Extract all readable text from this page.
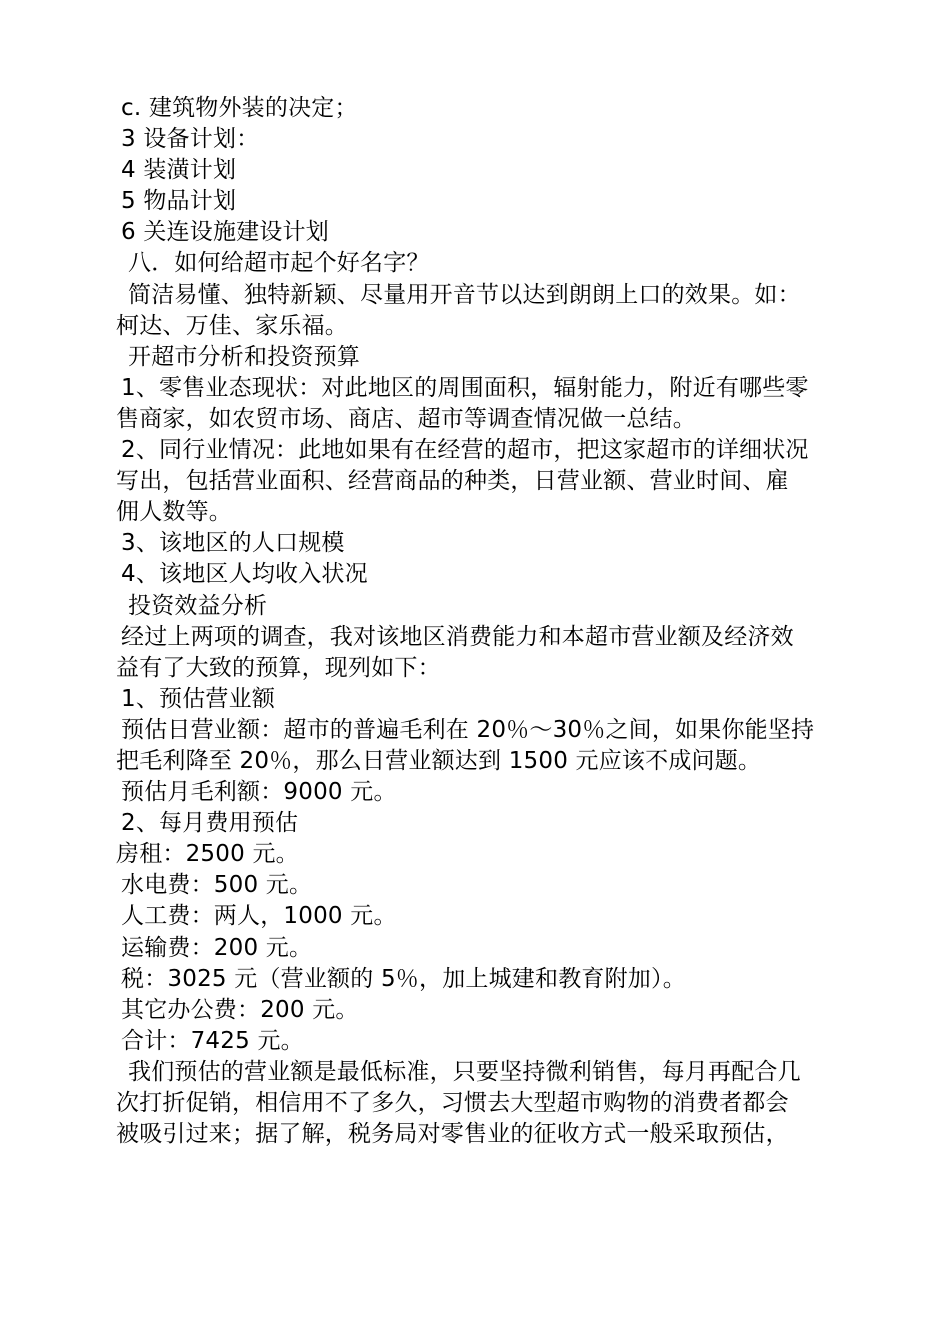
c. 建筑物外装的决定；
3 设备计划：
4 装潢计划
5 物品计划
6 关连设施建设计划
八．如何给超市起个好名字？
简洁易懂、独特新颖、尽量用开音节以达到朗朗上口的效果。如：
柯达、万佳、家乐福。
开超市分析和投资预算
1、零售业态现状：对此地区的周围面积，辐射能力，附近有哪些零
售商家，如农贸市场、商店、超市等调查情况做一总结。
2、同行业情况：此地如果有在经营的超市，把这家超市的详细状况
写出，包括营业面积、经营商品的种类，日营业额、营业时间、雇
佣人数等。
3、该地区的人口规模
4、该地区人均收入状况
投资效益分析
经过上两项的调查，我对该地区消费能力和本超市营业额及经济效
益有了大致的预算，现列如下：
1、预估营业额
预估日营业额：超市的普遍毛利在 20％～30％之间，如果你能坚持
把毛利降至 20％，那么日营业额达到 1500 元应该不成问题。
预估月毛利额：9000 元。
2、每月费用预估
房租：2500 元。
水电费：500 元。
人工费：两人，1000 元。
运输费：200 元。
税：3025 元（营业额的 5％，加上城建和教育附加）。
其它办公费：200 元。
合计：7425 元。
我们预估的营业额是最低标准，只要坚持微利销售，每月再配合几
次打折促销，相信用不了多久，习惯去大型超市购物的消费者都会
被吸引过来；据了解，税务局对零售业的征收方式一般采取预估，
